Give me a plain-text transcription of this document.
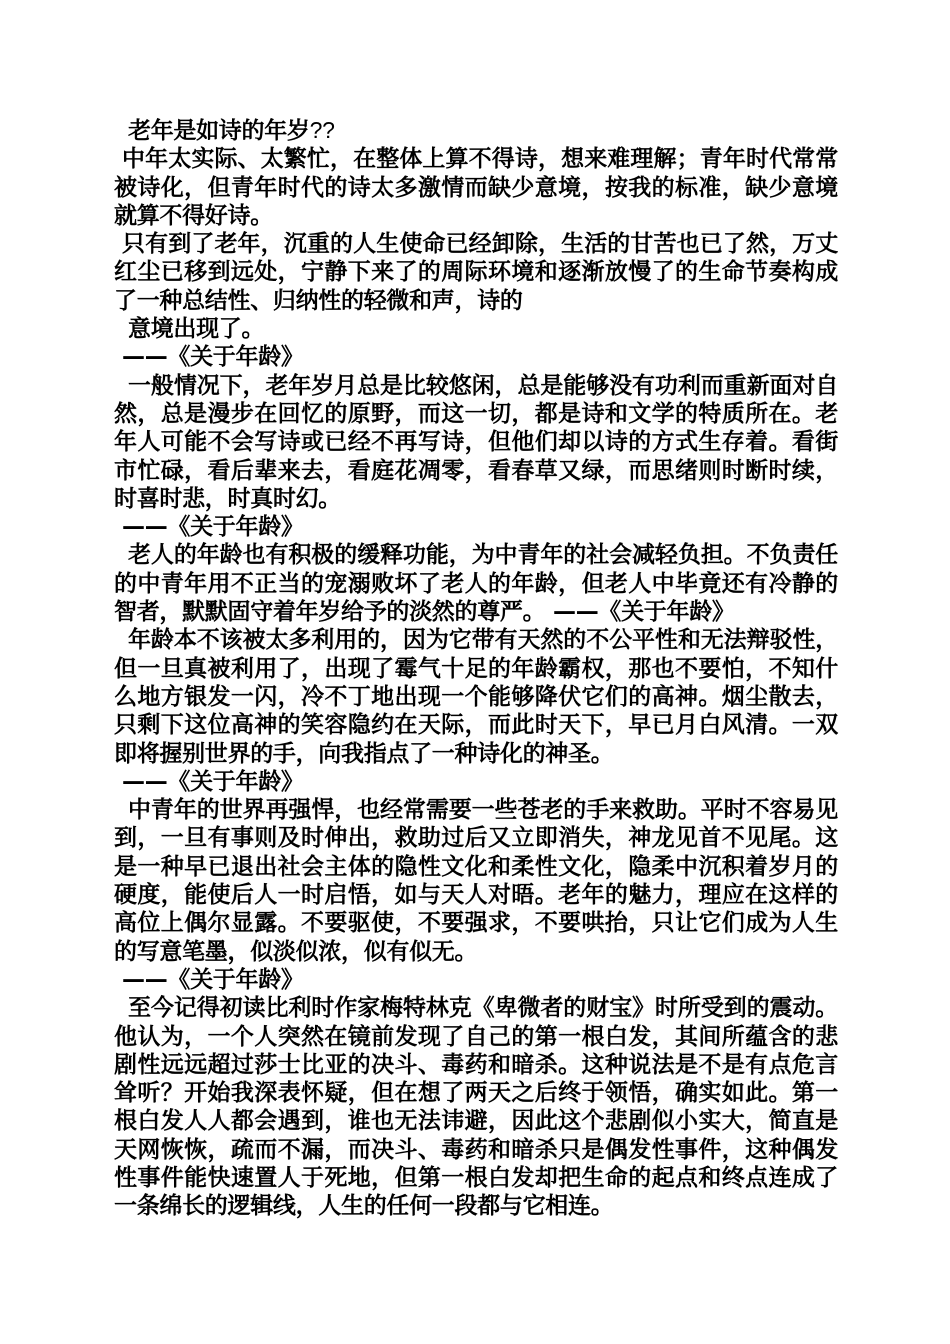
老年是如诗的年岁??

中年太实际、太繁忙，在整体上算不得诗，想来难理解；青年时代常常被诗化，但青年时代的诗太多激情而缺少意境，按我的标准，缺少意境就算不得好诗。

只有到了老年，沉重的人生使命已经卸除，生活的甘苦也已了然，万丈红尘已移到远处，宁静下来了的周际环境和逐渐放慢了的生命节奏构成了一种总结性、归纳性的轻微和声，诗的

意境出现了。

——《关于年龄》

一般情况下，老年岁月总是比较悠闲，总是能够没有功利而重新面对自然，总是漫步在回忆的原野，而这一切，都是诗和文学的特质所在。老年人可能不会写诗或已经不再写诗，但他们却以诗的方式生存着。看街市忙碌，看后辈来去，看庭花凋零，看春草又绿，而思绪则时断时续，时喜时悲，时真时幻。

——《关于年龄》

老人的年龄也有积极的缓释功能，为中青年的社会减轻负担。不负责任的中青年用不正当的宠溺败坏了老人的年龄，但老人中毕竟还有冷静的智者，默默固守着年岁给予的淡然的尊严。 ——《关于年龄》

年龄本不该被太多利用的，因为它带有天然的不公平性和无法辩驳性，但一旦真被利用了，出现了霉气十足的年龄霸权，那也不要怕，不知什么地方银发一闪，冷不丁地出现一个能够降伏它们的高神。烟尘散去，只剩下这位高神的笑容隐约在天际，而此时天下，早已月白风清。一双即将握别世界的手，向我指点了一种诗化的神圣。

——《关于年龄》

中青年的世界再强悍，也经常需要一些苍老的手来救助。平时不容易见到，一旦有事则及时伸出，救助过后又立即消失，神龙见首不见尾。这是一种早已退出社会主体的隐性文化和柔性文化，隐柔中沉积着岁月的硬度，能使后人一时启悟，如与天人对晤。老年的魅力，理应在这样的高位上偶尔显露。不要驱使，不要强求，不要哄抬，只让它们成为人生的写意笔墨，似淡似浓，似有似无。

——《关于年龄》

至今记得初读比利时作家梅特林克《卑微者的财宝》时所受到的震动。他认为，一个人突然在镜前发现了自己的第一根白发，其间所蕴含的悲剧性远远超过莎士比亚的决斗、毒药和暗杀。这种说法是不是有点危言耸听？开始我深表怀疑，但在想了两天之后终于领悟，确实如此。第一根白发人人都会遇到，谁也无法讳避，因此这个悲剧似小实大，简直是天网恢恢，疏而不漏，而决斗、毒药和暗杀只是偶发性事件，这种偶发性事件能快速置人于死地，但第一根白发却把生命的起点和终点连成了一条绵长的逻辑线，人生的任何一段都与它相连。
